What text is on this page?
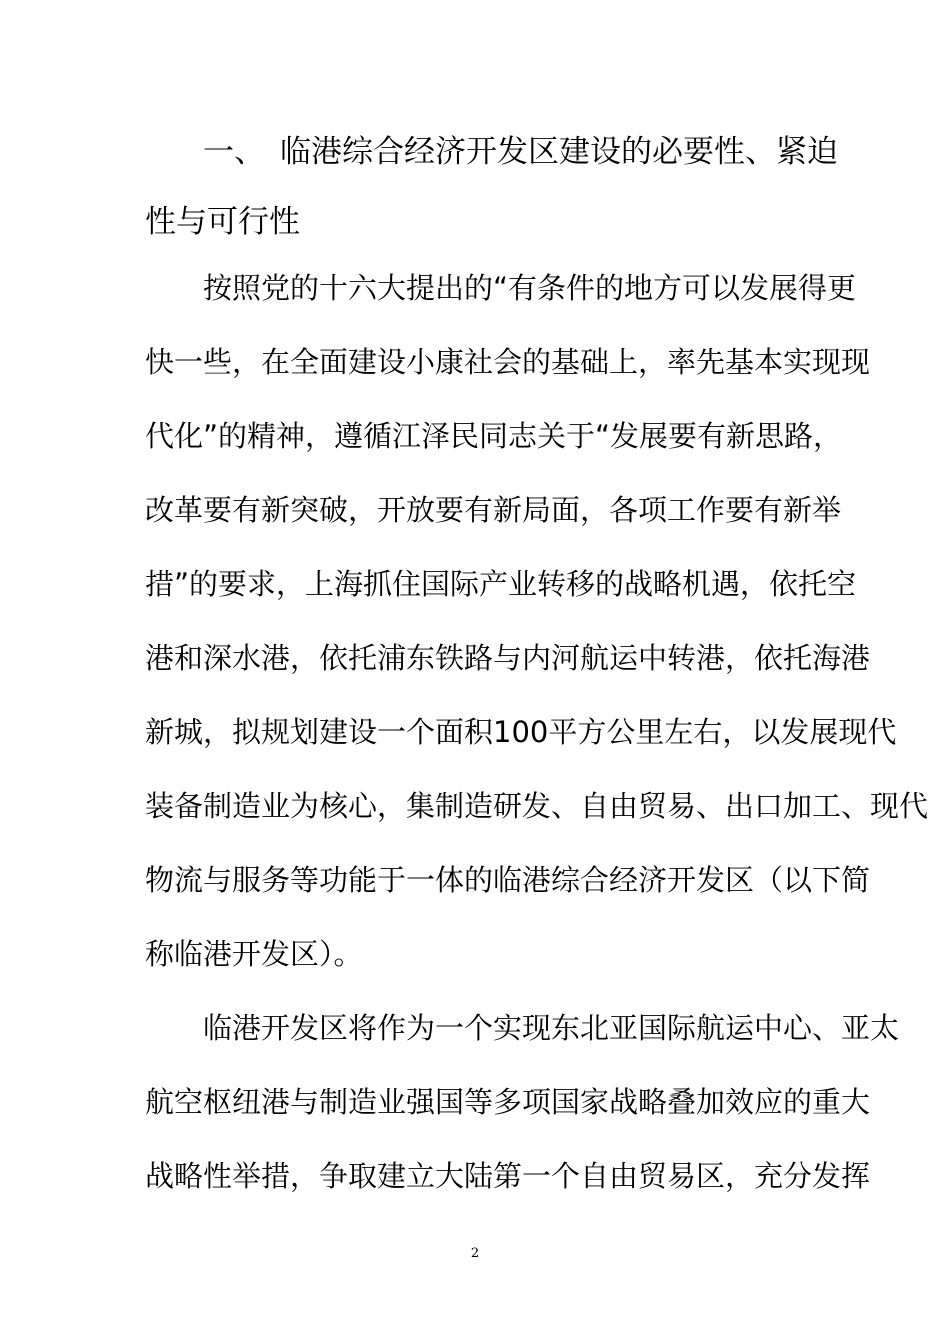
一、 临港综合经济开发区建设的必要性、紧迫
性与可行性
按照党的十六大提出的“有条件的地方可以发展得更
快一些，在全面建设小康社会的基础上，率先基本实现现
代化”的精神，遵循江泽民同志关于“发展要有新思路，
改革要有新突破，开放要有新局面，各项工作要有新举
措”的要求，上海抓住国际产业转移的战略机遇，依托空
港和深水港，依托浦东铁路与内河航运中转港，依托海港
新城，拟规划建设一个面积100平方公里左右，以发展现代
装备制造业为核心，集制造研发、自由贸易、出口加工、现代
物流与服务等功能于一体的临港综合经济开发区（以下简
称临港开发区）。
临港开发区将作为一个实现东北亚国际航运中心、亚太
航空枢纽港与制造业强国等多项国家战略叠加效应的重大
战略性举措，争取建立大陆第一个自由贸易区，充分发挥
2
